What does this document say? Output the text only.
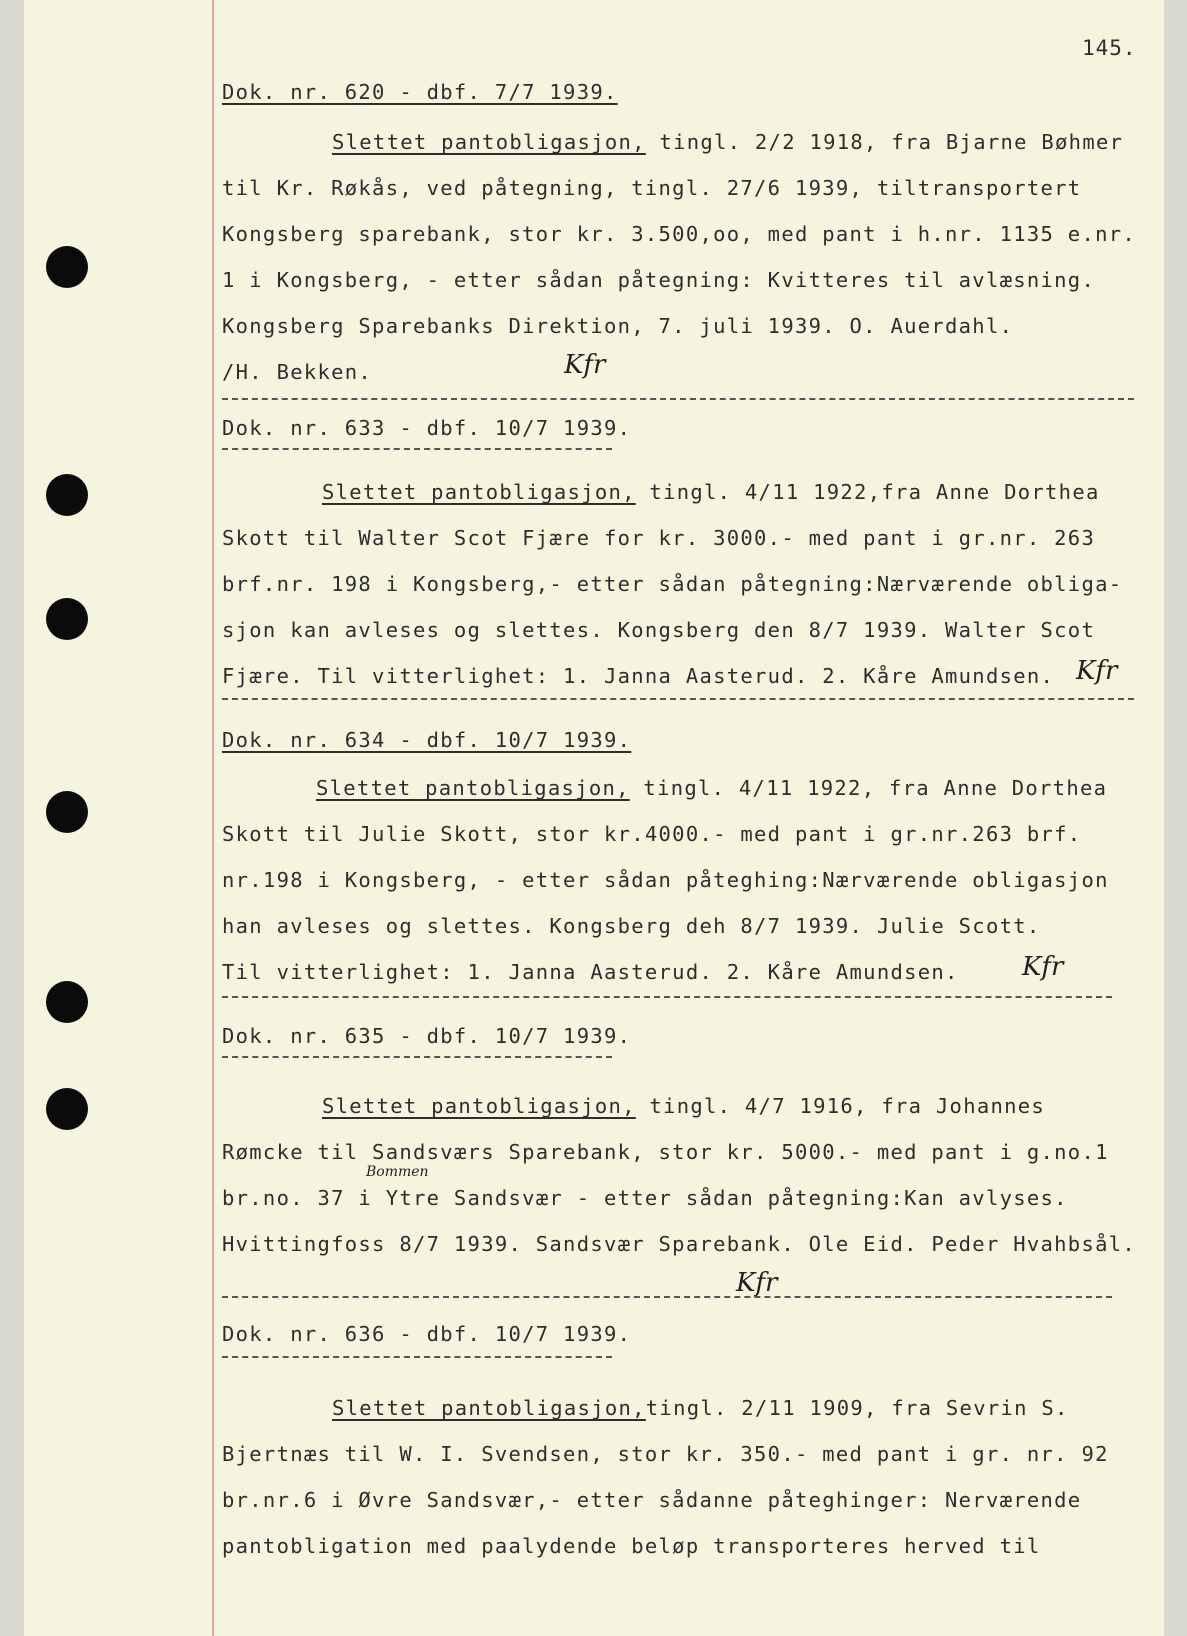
145.
Dok. nr. 620 - dbf. 7/7 1939.
Slettet pantobligasjon, tingl. 2/2 1918, fra Bjarne Bøhmer
til Kr. Røkås, ved påtegning, tingl. 27/6 1939, tiltransportert
Kongsberg sparebank, stor kr. 3.500,oo, med pant i h.nr. 1135 e.nr.
1 i Kongsberg, - etter sådan påtegning: Kvitteres til avlæsning.
Kongsberg Sparebanks Direktion, 7. juli 1939. O. Auerdahl.
/H. Bekken.	Kfr
Dok. nr. 633 - dbf. 10/7 1939.
Slettet pantobligasjon, tingl. 4/11 1922,fra Anne Dorthea
Skott til Walter Scot Fjære for kr. 3000.- med pant i gr.nr. 263
brf.nr. 198 i Kongsberg,- etter sådan påtegning:Nærværende obliga-
sjon kan avleses og slettes. Kongsberg den 8/7 1939. Walter Scot
Fjære. Til vitterlighet: 1. Janna Aasterud. 2. Kåre Amundsen. Kfr
Dok. nr. 634 - dbf. 10/7 1939.
Slettet pantobligasjon, tingl. 4/11 1922, fra Anne Dorthea
Skott til Julie Skott, stor kr.4000.- med pant i gr.nr.263 brf.
nr.198 i Kongsberg, - etter sådan påteghing:Nærværende obligasjon
han avleses og slettes. Kongsberg deh 8/7 1939. Julie Scott.
Til vitterlighet: 1. Janna Aasterud. 2. Kåre Amundsen. Kfr
Dok. nr. 635 - dbf. 10/7 1939.
Slettet pantobligasjon, tingl. 4/7 1916, fra Johannes
Rømcke til Sandsværs Sparebank, stor kr. 5000.- med pant i g.no.1
Bommen
br.no. 37 i Ytre Sandsvær - etter sådan påtegning:Kan avlyses.
Hvittingfoss 8/7 1939. Sandsvær Sparebank. Ole Eid. Peder Hvahbsål.
Kfr
Dok. nr. 636 - dbf. 10/7 1939.
Slettet pantobligasjon,tingl. 2/11 1909, fra Sevrin S.
Bjertnæs til W. I. Svendsen, stor kr. 350.- med pant i gr. nr. 92
br.nr.6 i Øvre Sandsvær,- etter sådanne påteghinger: Nerværende
pantobligation med paalydende beløp transporteres herved til
